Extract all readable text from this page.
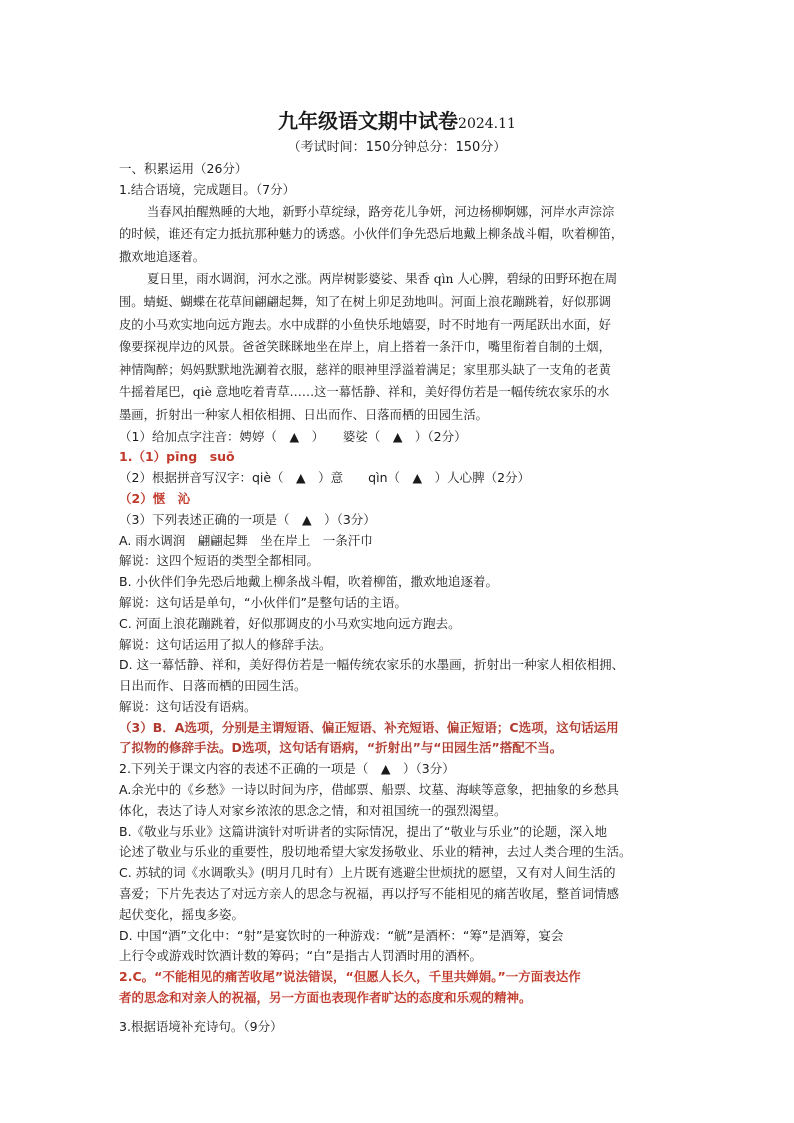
九年级语文期中试卷2024.11
（考试时间：150分钟总分：150分）
一、积累运用（26分）
1.结合语境，完成题目。（7分）
当春风拍醒熟睡的大地，新野小草绽绿，路旁花儿争妍，河边杨柳婀娜，河岸水声淙淙
的时候，谁还有定力抵抗那种魅力的诱惑。小伙伴们争先恐后地戴上柳条战斗帽，吹着柳笛，
撒欢地追逐着。
夏日里，雨水调润，河水之涨。两岸树影婆娑、果香 qìn 人心脾，碧绿的田野环抱在周
围。蜻蜓、蝴蝶在花草间翩翩起舞，知了在树上卯足劲地叫。河面上浪花蹦跳着，好似那调
皮的小马欢实地向远方跑去。水中成群的小鱼快乐地嬉耍，时不时地有一两尾跃出水面，好
像要探视岸边的风景。爸爸笑眯眯地坐在岸上，肩上搭着一条汗巾，嘴里衔着自制的土烟，
神情陶醉；妈妈默默地洗涮着衣服，慈祥的眼神里浮溢着满足；家里那头缺了一支角的老黄
牛摇着尾巴，qiè 意地吃着青草……这一幕恬静、祥和，美好得仿若是一幅传统农家乐的水
墨画，折射出一种家人相依相拥、日出而作、日落而栖的田园生活。
（1）给加点字注音：娉婷（　▲　）　　婆娑（　▲　）（2分）
1.（1）pīng　suō
（2）根据拼音写汉字：qiè（　▲　）意　　qìn（　▲　）人心脾（2分）
（2）惬　沁
（3）下列表述正确的一项是（　▲　）（3分）
A. 雨水调润　翩翩起舞　坐在岸上　一条汗巾
解说：这四个短语的类型全都相同。
B. 小伙伴们争先恐后地戴上柳条战斗帽，吹着柳笛，撒欢地追逐着。
解说：这句话是单句，“小伙伴们”是整句话的主语。
C. 河面上浪花蹦跳着，好似那调皮的小马欢实地向远方跑去。
解说：这句话运用了拟人的修辞手法。
D. 这一幕恬静、祥和，美好得仿若是一幅传统农家乐的水墨画，折射出一种家人相依相拥、
日出而作、日落而栖的田园生活。
解说：这句话没有语病。
（3）B．A选项，分别是主谓短语、偏正短语、补充短语、偏正短语；C选项，这句话运用
了拟物的修辞手法。D选项，这句话有语病，“折射出”与“田园生活”搭配不当。
2.下列关于课文内容的表述不正确的一项是（　▲　）（3分）
A.余光中的《乡愁》一诗以时间为序，借邮票、船票、坟墓、海峡等意象，把抽象的乡愁具
体化，表达了诗人对家乡浓浓的思念之情，和对祖国统一的强烈渴望。
B.《敬业与乐业》这篇讲演针对听讲者的实际情况，提出了“敬业与乐业”的论题，深入地
论述了敬业与乐业的重要性，殷切地希望大家发扬敬业、乐业的精神，去过人类合理的生活。
C. 苏轼的词《水调歌头》(明月几时有）上片既有逃避尘世烦扰的愿望，又有对人间生活的
喜爱；下片先表达了对远方亲人的思念与祝福，再以抒写不能相见的痛苦收尾，整首词情感
起伏变化，摇曳多姿。
D. 中国“酒”文化中：“射”是宴饮时的一种游戏：“觥”是酒杯：“筹”是酒筹，宴会
上行令或游戏时饮酒计数的筹码；“白”是指古人罚酒时用的酒杯。
2.C。“不能相见的痛苦收尾”说法错误，“但愿人长久，千里共婵娟。”一方面表达作
者的思念和对亲人的祝福，另一方面也表现作者旷达的态度和乐观的精神。
3.根据语境补充诗句。（9分）
